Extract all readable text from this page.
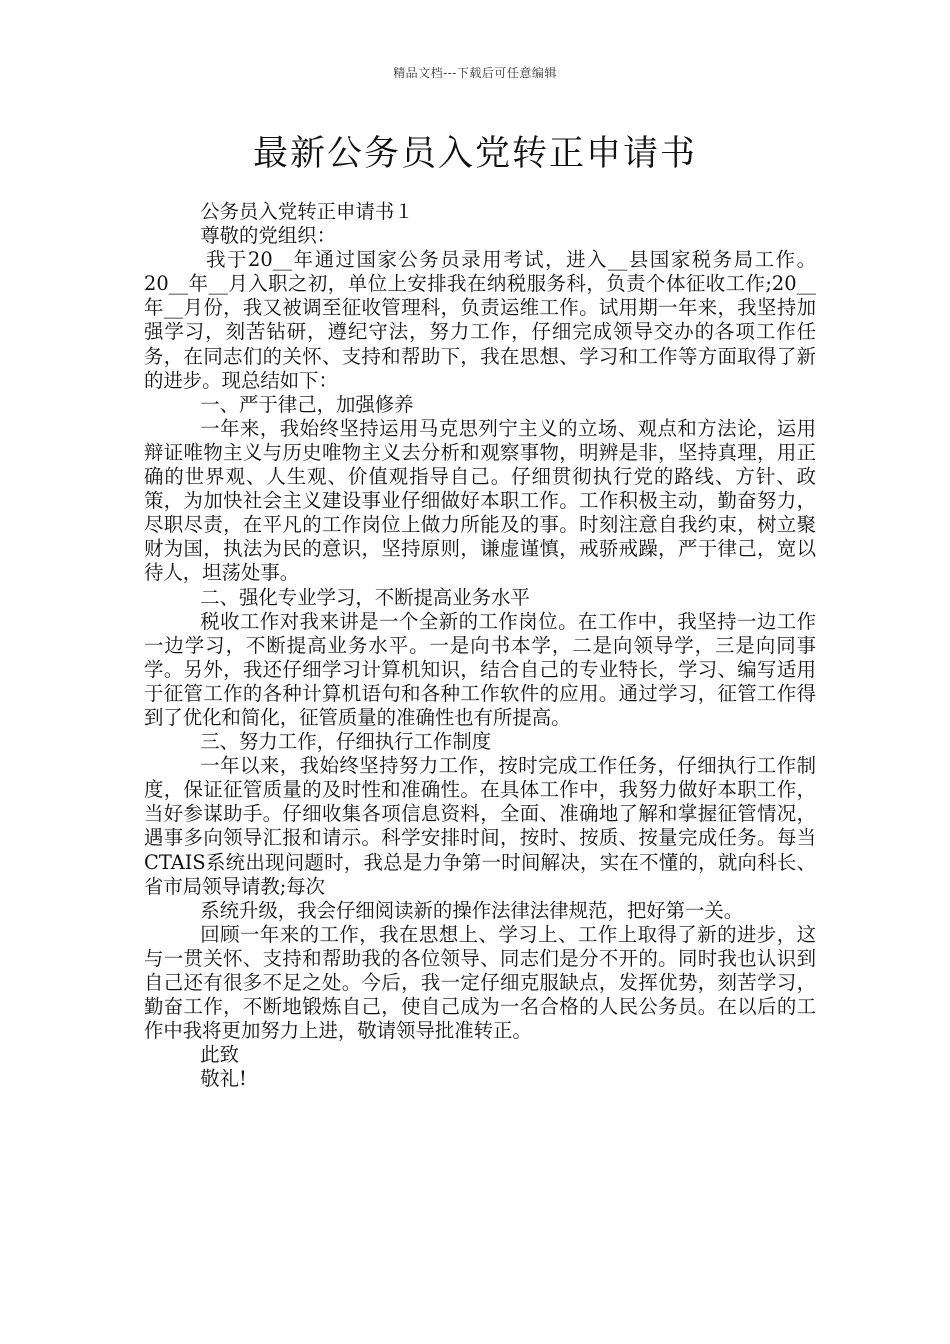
精品文档---下载后可任意编辑
最新公务员入党转正申请书

公务员入党转正申请书１

尊敬的党组织：

我于20__年通过国家公务员录用考试，进入__县国家税务局工作。20__年__月入职之初，单位上安排我在纳税服务科，负责个体征收工作;20__年__月份，我又被调至征收管理科，负责运维工作。试用期一年来，我坚持加强学习，刻苦钻研，遵纪守法，努力工作，仔细完成领导交办的各项工作任务，在同志们的关怀、支持和帮助下，我在思想、学习和工作等方面取得了新的进步。现总结如下：

一、严于律己，加强修养

一年来，我始终坚持运用马克思列宁主义的立场、观点和方法论，运用辩证唯物主义与历史唯物主义去分析和观察事物，明辨是非，坚持真理，用正确的世界观、人生观、价值观指导自己。仔细贯彻执行党的路线、方针、政策，为加快社会主义建设事业仔细做好本职工作。工作积极主动，勤奋努力，尽职尽责，在平凡的工作岗位上做力所能及的事。时刻注意自我约束，树立聚财为国，执法为民的意识，坚持原则，谦虚谨慎，戒骄戒躁，严于律己，宽以待人，坦荡处事。

二、强化专业学习，不断提高业务水平

税收工作对我来讲是一个全新的工作岗位。在工作中，我坚持一边工作一边学习，不断提高业务水平。一是向书本学，二是向领导学，三是向同事学。另外，我还仔细学习计算机知识，结合自己的专业特长，学习、编写适用于征管工作的各种计算机语句和各种工作软件的应用。通过学习，征管工作得到了优化和简化，征管质量的准确性也有所提高。

三、努力工作，仔细执行工作制度

一年以来，我始终坚持努力工作，按时完成工作任务，仔细执行工作制度，保证征管质量的及时性和准确性。在具体工作中，我努力做好本职工作，当好参谋助手。仔细收集各项信息资料，全面、准确地了解和掌握征管情况，遇事多向领导汇报和请示。科学安排时间，按时、按质、按量完成任务。每当CTAIS系统出现问题时，我总是力争第一时间解决，实在不懂的，就向科长、省市局领导请教;每次

系统升级，我会仔细阅读新的操作法律法律规范，把好第一关。

回顾一年来的工作，我在思想上、学习上、工作上取得了新的进步，这与一贯关怀、支持和帮助我的各位领导、同志们是分不开的。同时我也认识到自己还有很多不足之处。今后，我一定仔细克服缺点，发挥优势，刻苦学习，勤奋工作，不断地锻炼自己，使自己成为一名合格的人民公务员。在以后的工作中我将更加努力上进，敬请领导批准转正。

此致

敬礼!
